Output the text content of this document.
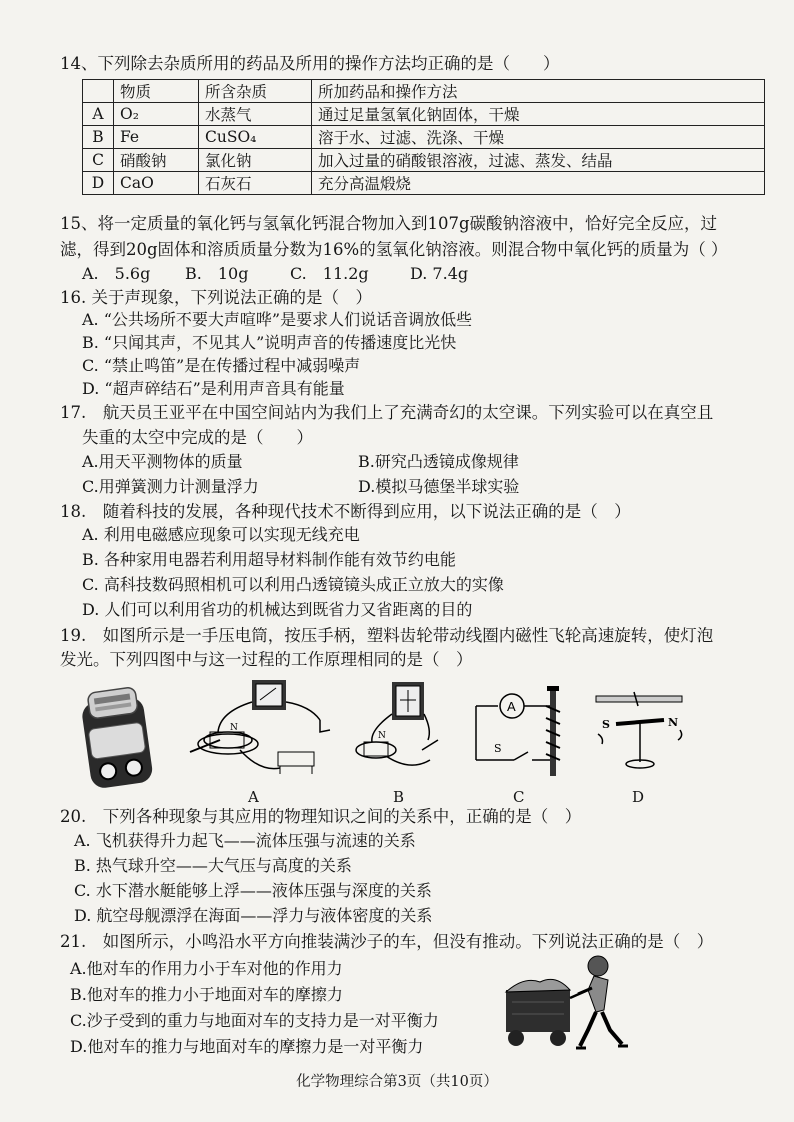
14、下列除去杂质所用的药品及所用的操作方法均正确的是（　　）
	物质	所含杂质	所加药品和操作方法
A	O₂	水蒸气	通过足量氢氧化钠固体，干燥
B	Fe	CuSO₄	溶于水、过滤、洗涤、干燥
C	硝酸钠	氯化钠	加入过量的硝酸银溶液，过滤、蒸发、结晶
D	CaO	石灰石	充分高温煅烧
15、将一定质量的氧化钙与氢氧化钙混合物加入到107g碳酸钠溶液中，恰好完全反应，过
滤，得到20g固体和溶质质量分数为16%的氢氧化钠溶液。则混合物中氧化钙的质量为（ ）
A.　5.6g B.　10g	C.　11.2g	D. 7.4g
16. 关于声现象，下列说法正确的是（　）
A. “公共场所不要大声喧哗”是要求人们说话音调放低些
B. “只闻其声，不见其人”说明声音的传播速度比光快
C. “禁止鸣笛”是在传播过程中减弱噪声
D. “超声碎结石”是利用声音具有能量
17.　航天员王亚平在中国空间站内为我们上了充满奇幻的太空课。下列实验可以在真空且
失重的太空中完成的是（　　）
A.用天平测物体的质量	B.研究凸透镜成像规律
C.用弹簧测力计测量浮力	D.模拟马德堡半球实验
18.　随着科技的发展，各种现代技术不断得到应用，以下说法正确的是（　）
A. 利用电磁感应现象可以实现无线充电
B. 各种家用电器若利用超导材料制作能有效节约电能
C. 高科技数码照相机可以利用凸透镜镜头成正立放大的实像
D. 人们可以利用省功的机械达到既省力又省距离的目的
19.　如图所示是一手压电筒，按压手柄，塑料齿轮带动线圈内磁性飞轮高速旋转，使灯泡
发光。下列四图中与这一过程的工作原理相同的是（　）
N
N
A
S
S	N
A	B	C	D
20.　下列各种现象与其应用的物理知识之间的关系中，正确的是（　）
A. 飞机获得升力起飞——流体压强与流速的关系
B. 热气球升空——大气压与高度的关系
C. 水下潜水艇能够上浮——液体压强与深度的关系
D. 航空母舰漂浮在海面——浮力与液体密度的关系
21.　如图所示，小鸣沿水平方向推装满沙子的车，但没有推动。下列说法正确的是（　）
A.他对车的作用力小于车对他的作用力
B.他对车的推力小于地面对车的摩擦力
C.沙子受到的重力与地面对车的支持力是一对平衡力
D.他对车的推力与地面对车的摩擦力是一对平衡力
化学物理综合第3页（共10页）
